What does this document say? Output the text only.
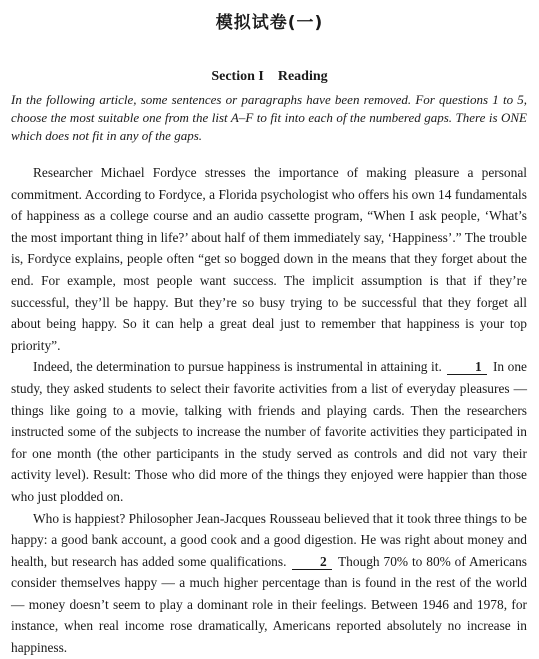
模拟试卷(一)
Section I    Reading
In the following article, some sentences or paragraphs have been removed. For questions 1 to 5, choose the most suitable one from the list A–F to fit into each of the numbered gaps. There is ONE which does not fit in any of the gaps.

Researcher Michael Fordyce stresses the importance of making pleasure a personal commitment. According to Fordyce, a Florida psychologist who offers his own 14 fundamentals of happiness as a college course and an audio cassette program, “When I ask people, ‘What’s the most important thing in life?’ about half of them immediately say, ‘Happiness’.” The trouble is, Fordyce explains, people often “get so bogged down in the means that they forget about the end. For example, most people want success. The implicit assumption is that if they’re successful, they’ll be happy. But they’re so busy trying to be successful that they forget all about being happy. So it can help a great deal just to remember that happiness is your top priority”.

Indeed, the determination to pursue happiness is instrumental in attaining it. 1 In one study, they asked students to select their favorite activities from a list of everyday pleasures — things like going to a movie, talking with friends and playing cards. Then the researchers instructed some of the subjects to increase the number of favorite activities they participated in for one month (the other participants in the study served as controls and did not vary their activity level). Result: Those who did more of the things they enjoyed were happier than those who just plodded on.

Who is happiest? Philosopher Jean-Jacques Rousseau believed that it took three things to be happy: a good bank account, a good cook and a good digestion. He was right about money and health, but research has added some qualifications.	2 Though 70% to 80% of Americans consider themselves happy — a much higher percentage than is found in the rest of the world — money doesn’t seem to play a dominant role in their feelings. Between 1946 and 1978, for instance, when real income rose dramatically, Americans reported absolutely no increase in happiness.
